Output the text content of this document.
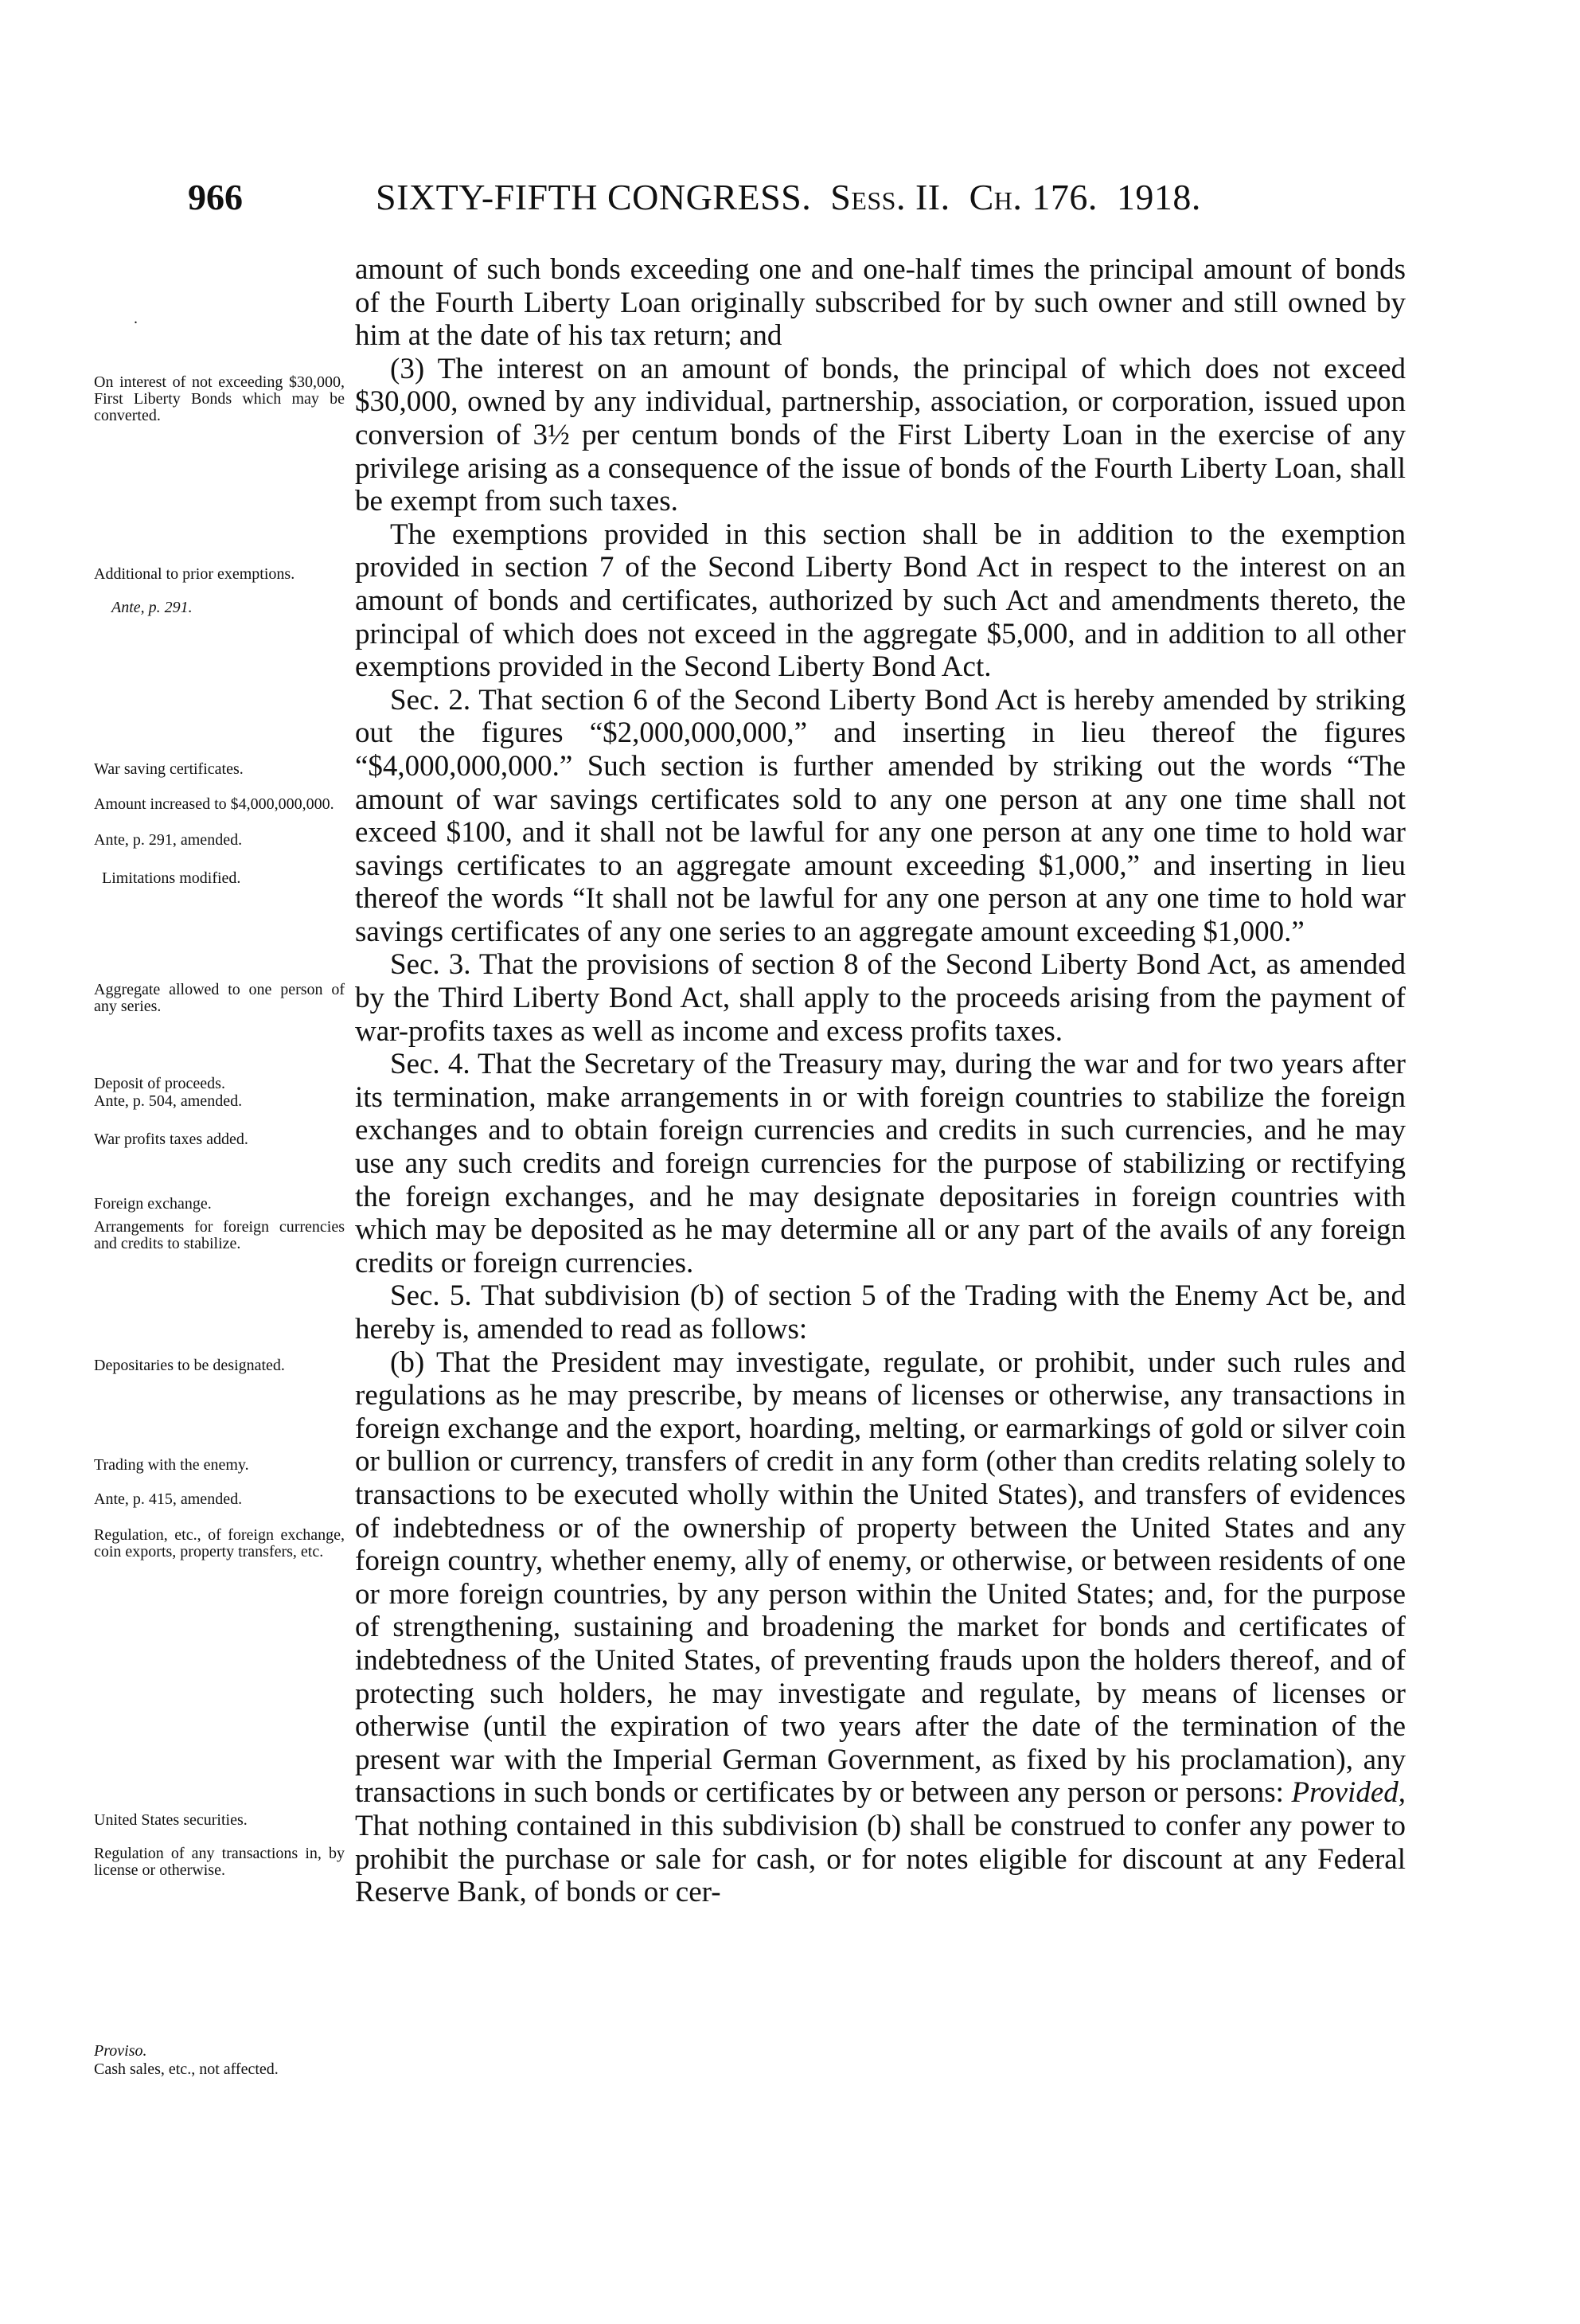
966	SIXTY-FIFTH CONGRESS. Sess. II. Ch. 176. 1918.
On interest of not exceeding $30,000, First Liberty Bonds which may be converted.
Additional to prior exemptions.
Ante, p. 291.
War saving certificates.
Amount increased to $4,000,000,000.
Ante, p. 291, amended.
Limitations modified.
Aggregate allowed to one person of any series.
Deposit of proceeds.
Ante, p. 504, amended.
War profits taxes added.
Foreign exchange.
Arrangements for foreign currencies and credits to stabilize.
Depositaries to be designated.
Trading with the enemy.
Ante, p. 415, amended.
Regulation, etc., of foreign exchange, coin exports, property transfers, etc.
United States securities.
Regulation of any transactions in, by license or otherwise.
Proviso.
Cash sales, etc., not affected.
.

amount of such bonds exceeding one and one-half times the principal amount of bonds of the Fourth Liberty Loan originally subscribed for by such owner and still owned by him at the date of his tax return; and

(3) The interest on an amount of bonds, the principal of which does not exceed $30,000, owned by any individual, partnership, association, or corporation, issued upon conversion of 3½ per centum bonds of the First Liberty Loan in the exercise of any privilege arising as a consequence of the issue of bonds of the Fourth Liberty Loan, shall be exempt from such taxes.

The exemptions provided in this section shall be in addition to the exemption provided in section 7 of the Second Liberty Bond Act in respect to the interest on an amount of bonds and certificates, authorized by such Act and amendments thereto, the principal of which does not exceed in the aggregate $5,000, and in addition to all other exemptions provided in the Second Liberty Bond Act.

Sec. 2. That section 6 of the Second Liberty Bond Act is hereby amended by striking out the figures “$2,000,000,000,” and inserting in lieu thereof the figures “$4,000,000,000.” Such section is further amended by striking out the words “The amount of war savings certificates sold to any one person at any one time shall not exceed $100, and it shall not be lawful for any one person at any one time to hold war savings certificates to an aggregate amount exceeding $1,000,” and inserting in lieu thereof the words “It shall not be lawful for any one person at any one time to hold war savings certificates of any one series to an aggregate amount exceeding $1,000.”

Sec. 3. That the provisions of section 8 of the Second Liberty Bond Act, as amended by the Third Liberty Bond Act, shall apply to the proceeds arising from the payment of war-profits taxes as well as income and excess profits taxes.

Sec. 4. That the Secretary of the Treasury may, during the war and for two years after its termination, make arrangements in or with foreign countries to stabilize the foreign exchanges and to obtain foreign currencies and credits in such currencies, and he may use any such credits and foreign currencies for the purpose of stabilizing or rectifying the foreign exchanges, and he may designate depositaries in foreign countries with which may be deposited as he may determine all or any part of the avails of any foreign credits or foreign currencies.

Sec. 5. That subdivision (b) of section 5 of the Trading with the Enemy Act be, and hereby is, amended to read as follows:

(b) That the President may investigate, regulate, or prohibit, under such rules and regulations as he may prescribe, by means of licenses or otherwise, any transactions in foreign exchange and the export, hoarding, melting, or earmarkings of gold or silver coin or bullion or currency, transfers of credit in any form (other than credits relating solely to transactions to be executed wholly within the United States), and transfers of evidences of indebtedness or of the ownership of property between the United States and any foreign country, whether enemy, ally of enemy, or otherwise, or between residents of one or more foreign countries, by any person within the United States; and, for the purpose of strengthening, sustaining and broadening the market for bonds and certificates of indebtedness of the United States, of preventing frauds upon the holders thereof, and of protecting such holders, he may investigate and regulate, by means of licenses or otherwise (until the expiration of two years after the date of the termination of the present war with the Imperial German Government, as fixed by his proclamation), any transactions in such bonds or certificates by or between any person or persons: Provided, That nothing contained in this subdivision (b) shall be construed to confer any power to prohibit the purchase or sale for cash, or for notes eligible for discount at any Federal Reserve Bank, of bonds or cer-
